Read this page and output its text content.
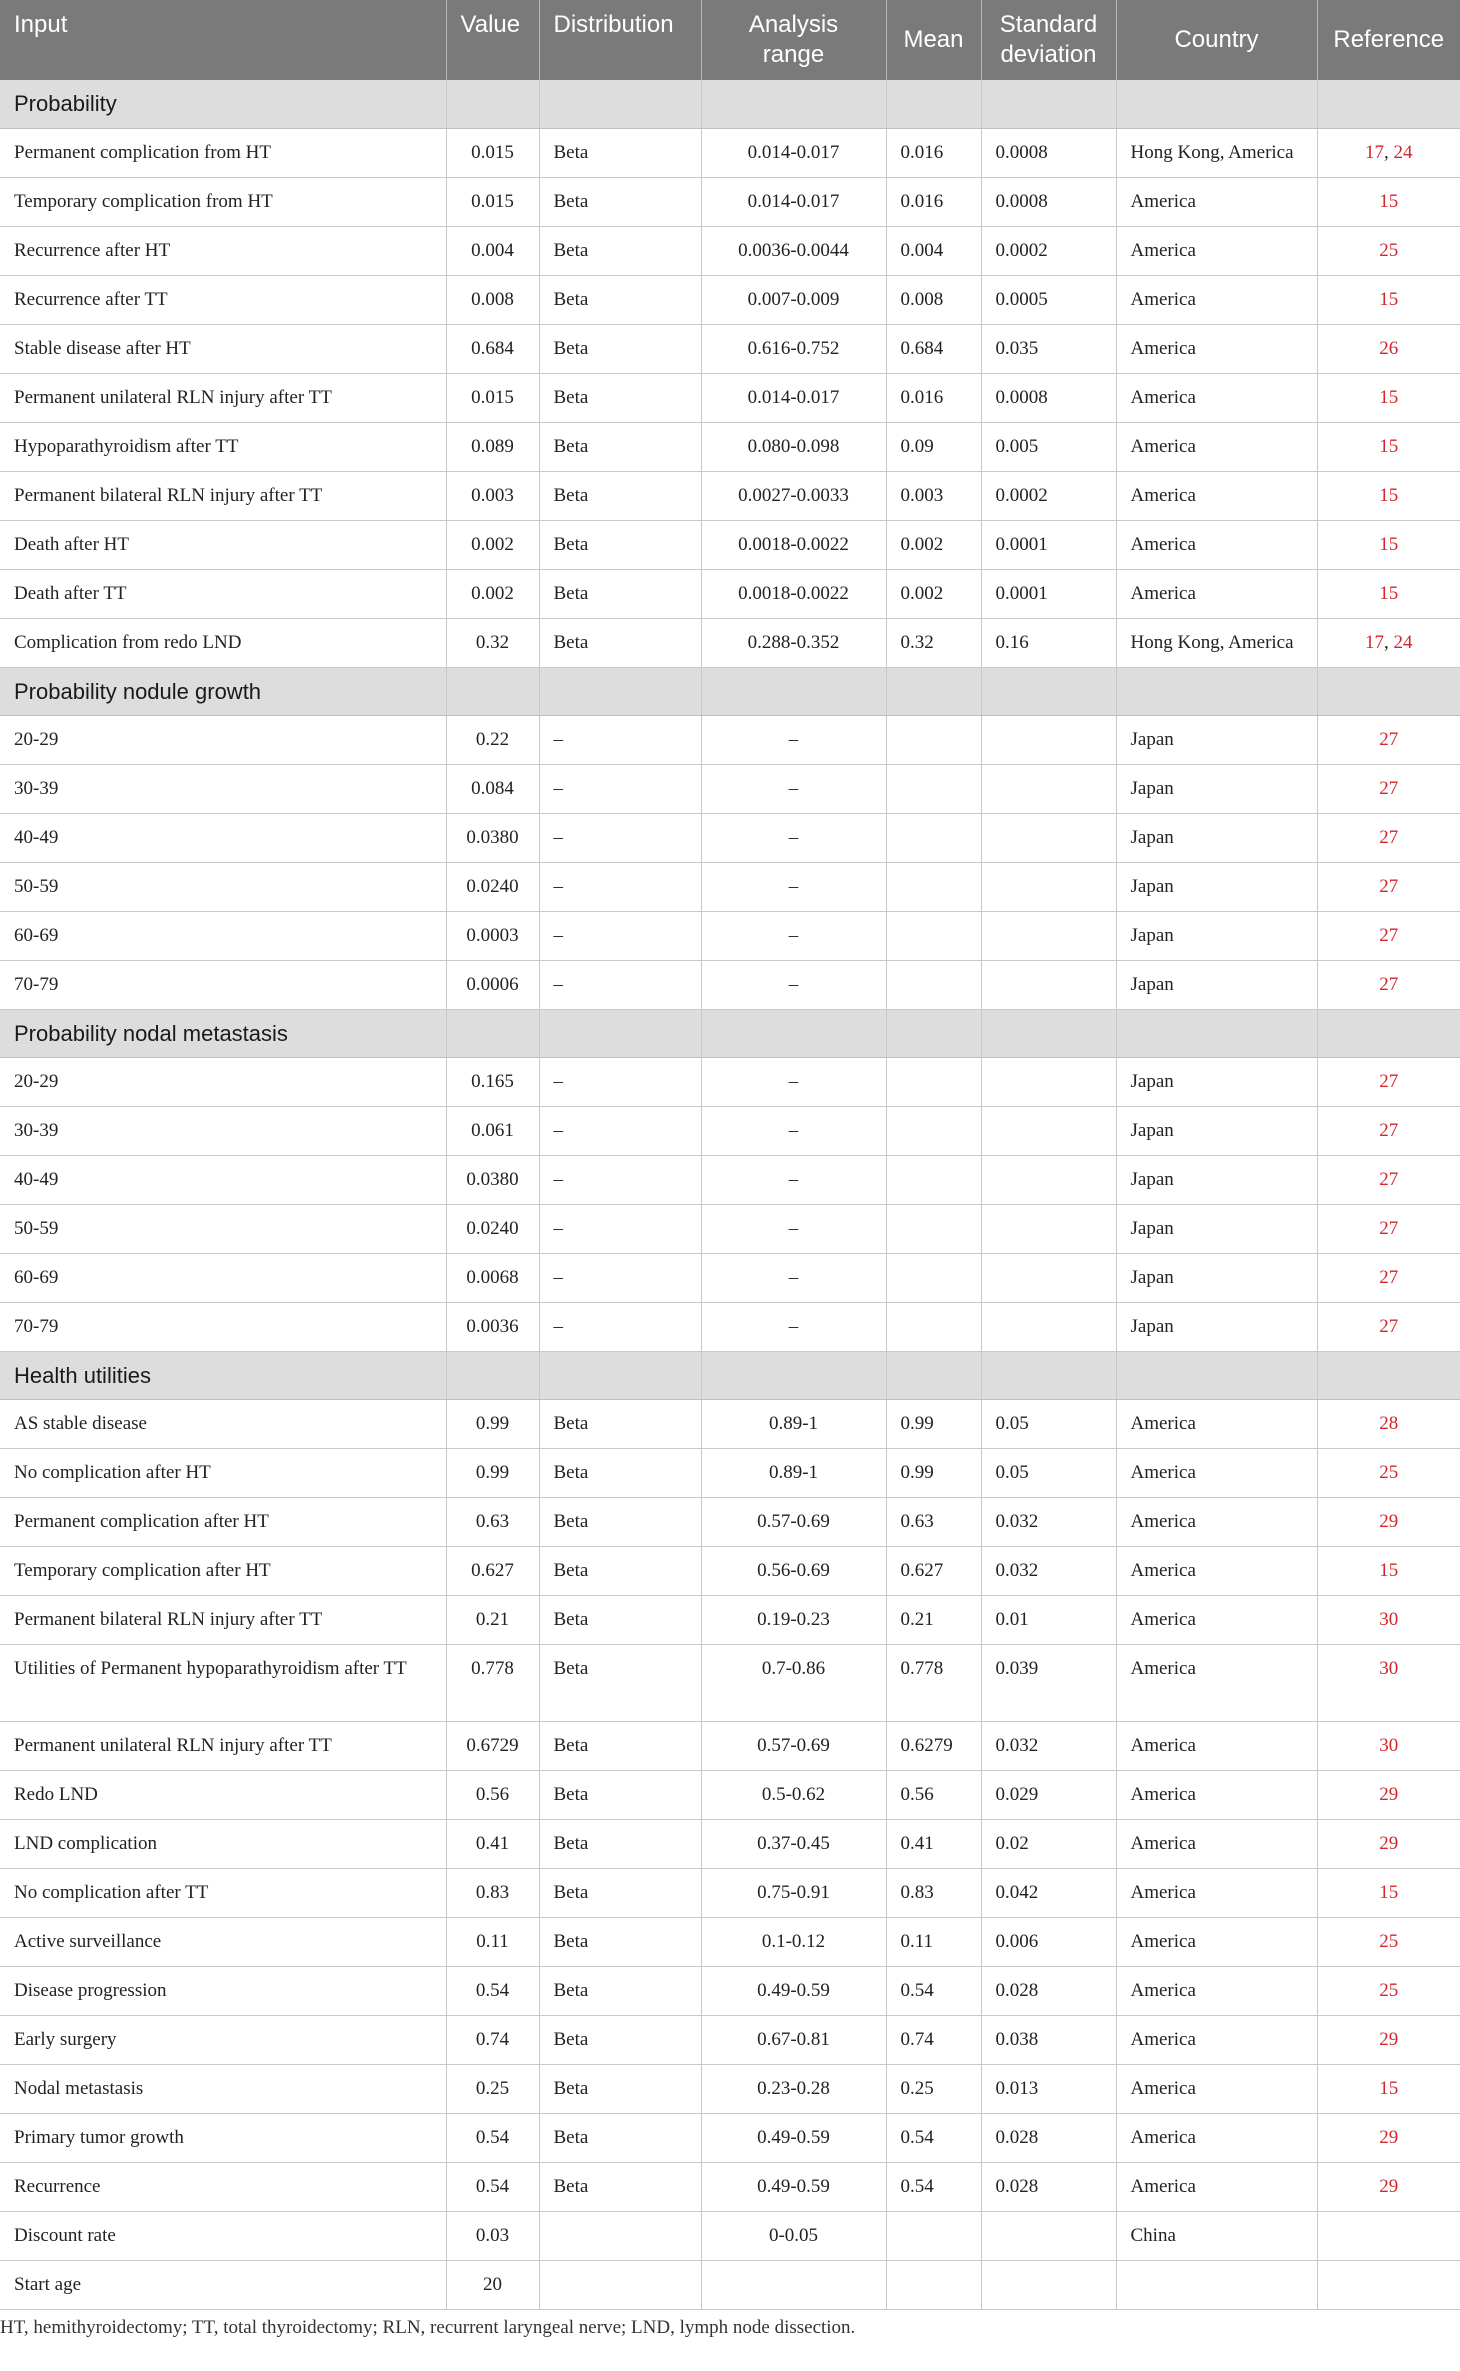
Input	Value	Distribution	Analysis range	Mean	Standard deviation	Country	Reference
Probability							
Permanent complication from HT	0.015	Beta	0.014-0.017	0.016	0.0008	Hong Kong, America	17, 24
Temporary complication from HT	0.015	Beta	0.014-0.017	0.016	0.0008	America	15
Recurrence after HT	0.004	Beta	0.0036-0.0044	0.004	0.0002	America	25
Recurrence after TT	0.008	Beta	0.007-0.009	0.008	0.0005	America	15
Stable disease after HT	0.684	Beta	0.616-0.752	0.684	0.035	America	26
Permanent unilateral RLN injury after TT	0.015	Beta	0.014-0.017	0.016	0.0008	America	15
Hypoparathyroidism after TT	0.089	Beta	0.080-0.098	0.09	0.005	America	15
Permanent bilateral RLN injury after TT	0.003	Beta	0.0027-0.0033	0.003	0.0002	America	15
Death after HT	0.002	Beta	0.0018-0.0022	0.002	0.0001	America	15
Death after TT	0.002	Beta	0.0018-0.0022	0.002	0.0001	America	15
Complication from redo LND	0.32	Beta	0.288-0.352	0.32	0.16	Hong Kong, America	17, 24
Probability nodule growth							
20-29	0.22	–	–			Japan	27
30-39	0.084	–	–			Japan	27
40-49	0.0380	–	–			Japan	27
50-59	0.0240	–	–			Japan	27
60-69	0.0003	–	–			Japan	27
70-79	0.0006	–	–			Japan	27
Probability nodal metastasis							
20-29	0.165	–	–			Japan	27
30-39	0.061	–	–			Japan	27
40-49	0.0380	–	–			Japan	27
50-59	0.0240	–	–			Japan	27
60-69	0.0068	–	–			Japan	27
70-79	0.0036	–	–			Japan	27
Health utilities							
AS stable disease	0.99	Beta	0.89-1	0.99	0.05	America	28
No complication after HT	0.99	Beta	0.89-1	0.99	0.05	America	25
Permanent complication after HT	0.63	Beta	0.57-0.69	0.63	0.032	America	29
Temporary complication after HT	0.627	Beta	0.56-0.69	0.627	0.032	America	15
Permanent bilateral RLN injury after TT	0.21	Beta	0.19-0.23	0.21	0.01	America	30
Utilities of Permanent hypoparathyroidism after TT	0.778	Beta	0.7-0.86	0.778	0.039	America	30
Permanent unilateral RLN injury after TT	0.6729	Beta	0.57-0.69	0.6279	0.032	America	30
Redo LND	0.56	Beta	0.5-0.62	0.56	0.029	America	29
LND complication	0.41	Beta	0.37-0.45	0.41	0.02	America	29
No complication after TT	0.83	Beta	0.75-0.91	0.83	0.042	America	15
Active surveillance	0.11	Beta	0.1-0.12	0.11	0.006	America	25
Disease progression	0.54	Beta	0.49-0.59	0.54	0.028	America	25
Early surgery	0.74	Beta	0.67-0.81	0.74	0.038	America	29
Nodal metastasis	0.25	Beta	0.23-0.28	0.25	0.013	America	15
Primary tumor growth	0.54	Beta	0.49-0.59	0.54	0.028	America	29
Recurrence	0.54	Beta	0.49-0.59	0.54	0.028	America	29
Discount rate	0.03		0-0.05			China	
Start age	20						
HT, hemithyroidectomy; TT, total thyroidectomy; RLN, recurrent laryngeal nerve; LND, lymph node dissection.
